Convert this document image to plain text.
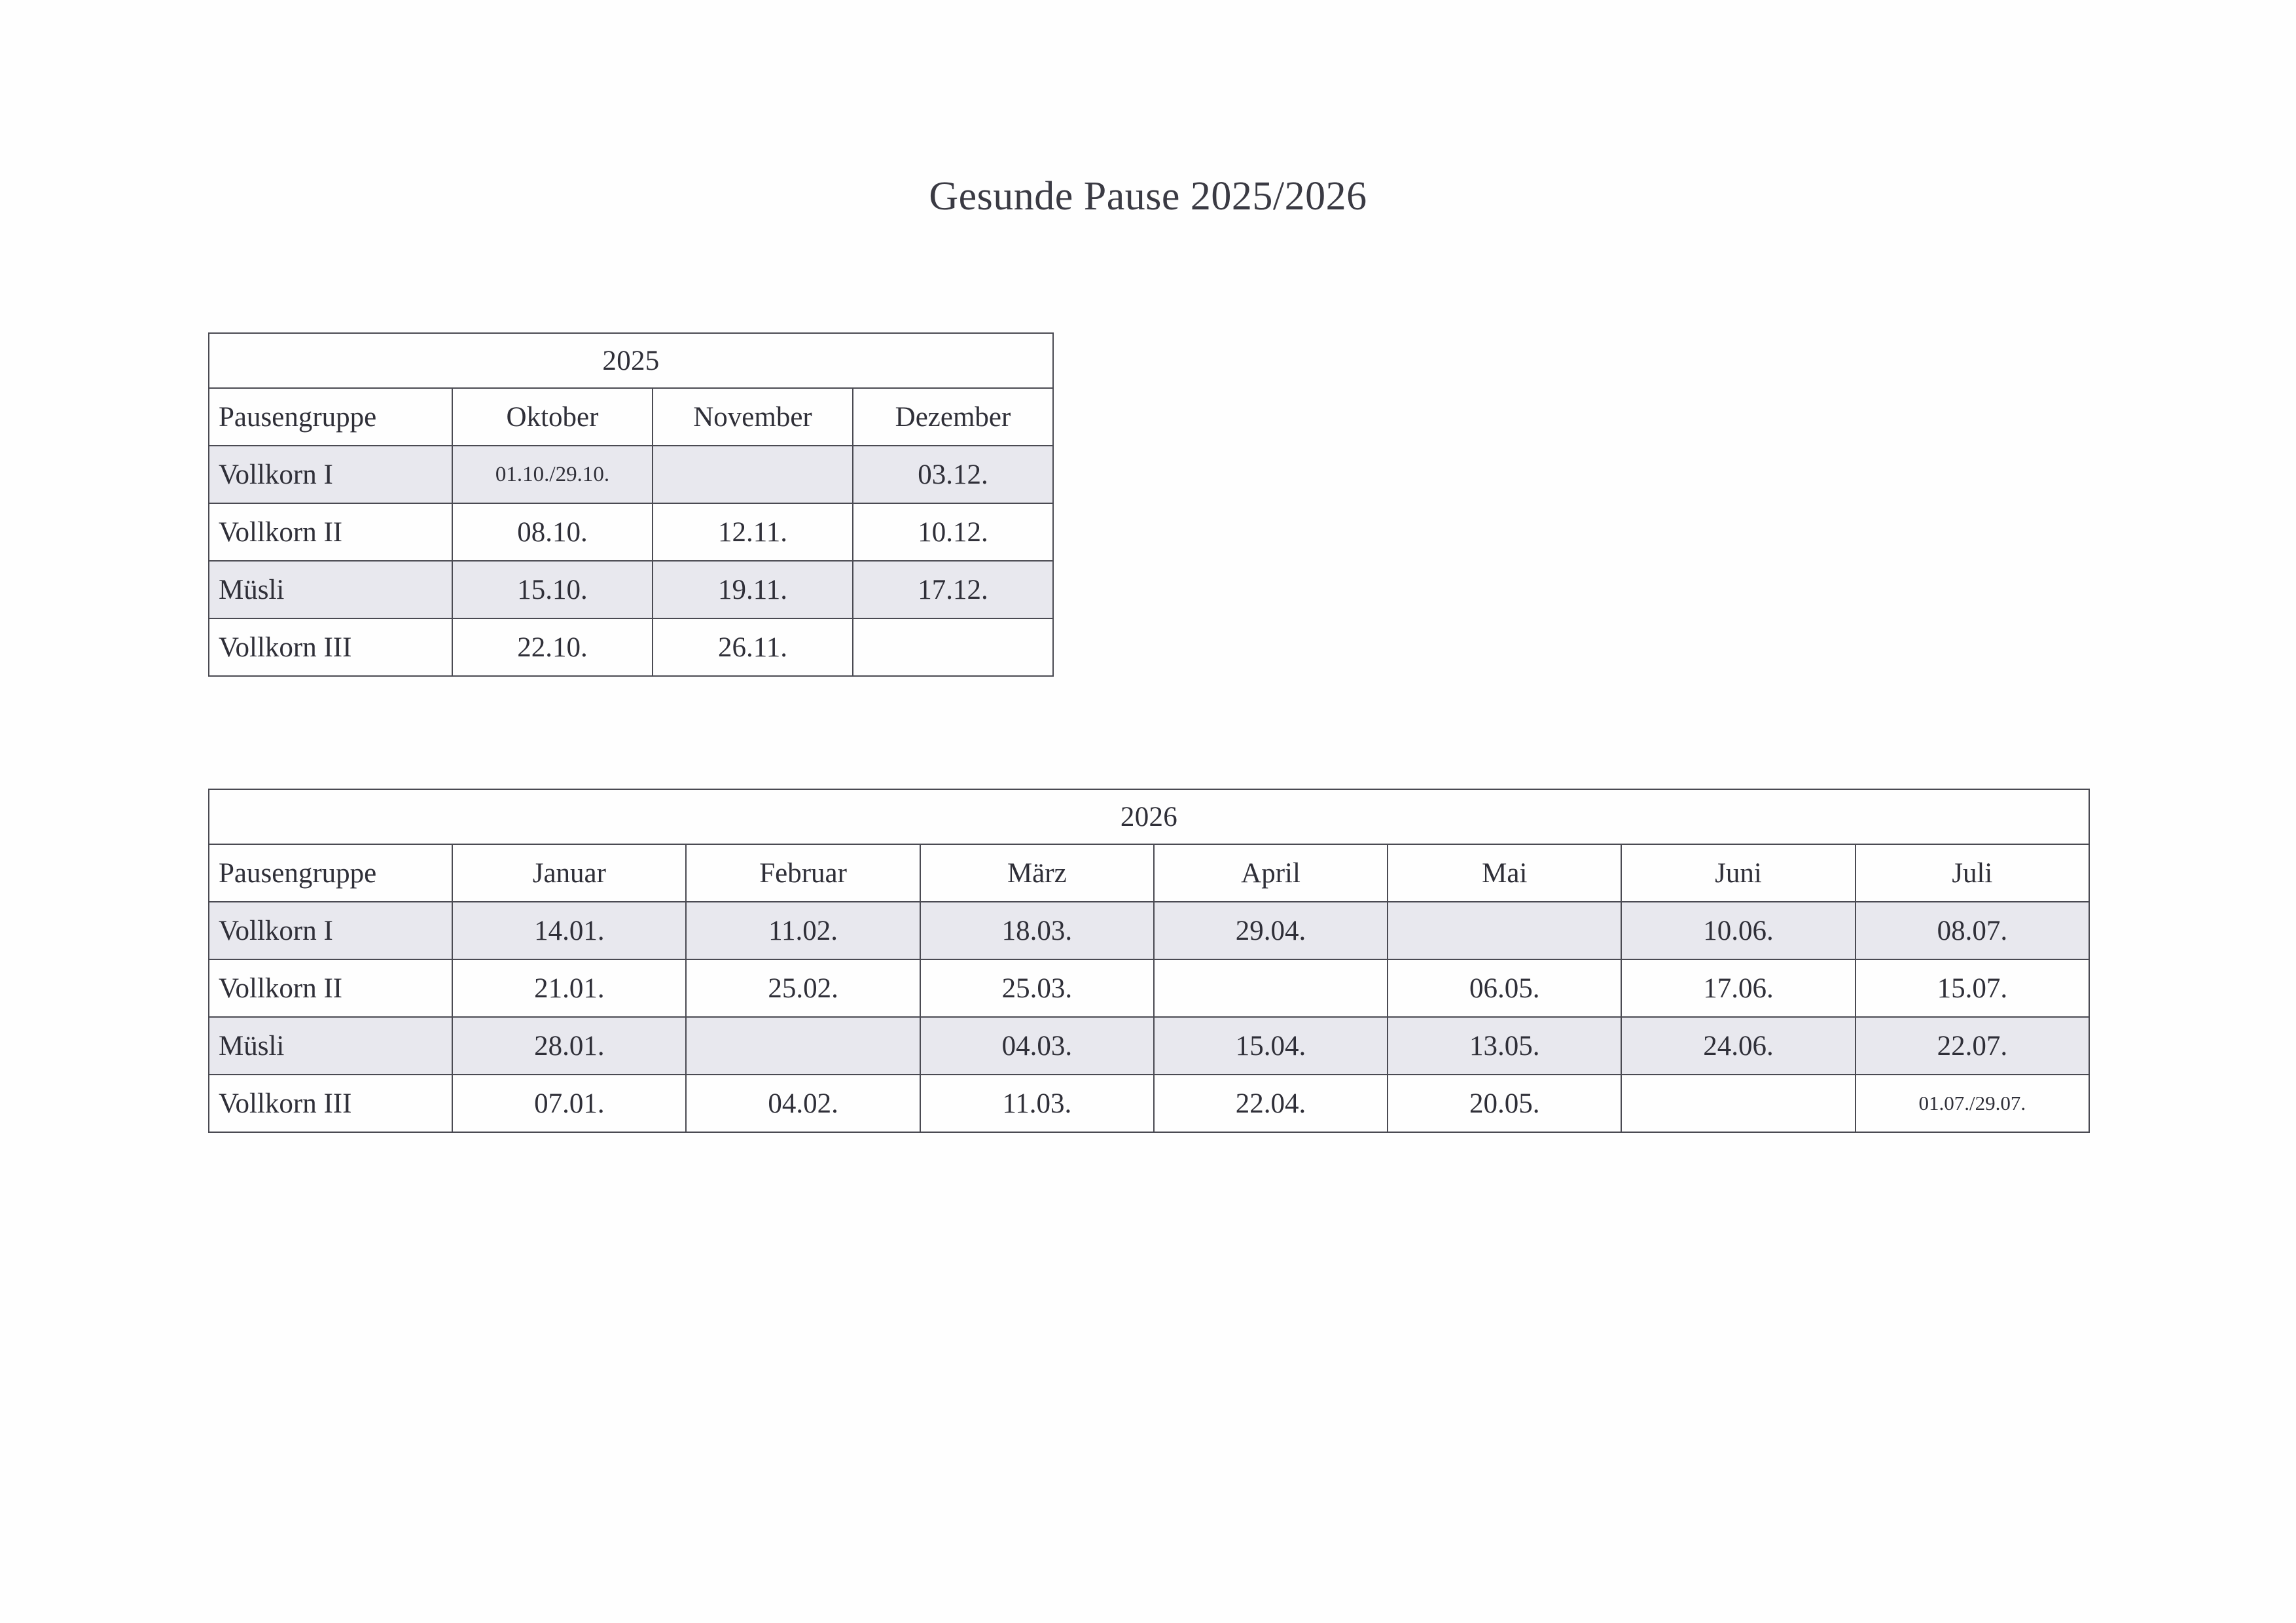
Gesunde Pause 2025/2026
2025			
Pausengruppe	Oktober	November	Dezember
Vollkorn I	01.10./29.10.		03.12.
Vollkorn II	08.10.	12.11.	10.12.
Müsli	15.10.	19.11.	17.12.
Vollkorn III	22.10.	26.11.	
2026							
Pausengruppe	Januar	Februar	März	April	Mai	Juni	Juli
Vollkorn I	14.01.	11.02.	18.03.	29.04.		10.06.	08.07.
Vollkorn II	21.01.	25.02.	25.03.		06.05.	17.06.	15.07.
Müsli	28.01.		04.03.	15.04.	13.05.	24.06.	22.07.
Vollkorn III	07.01.	04.02.	11.03.	22.04.	20.05.		01.07./29.07.
